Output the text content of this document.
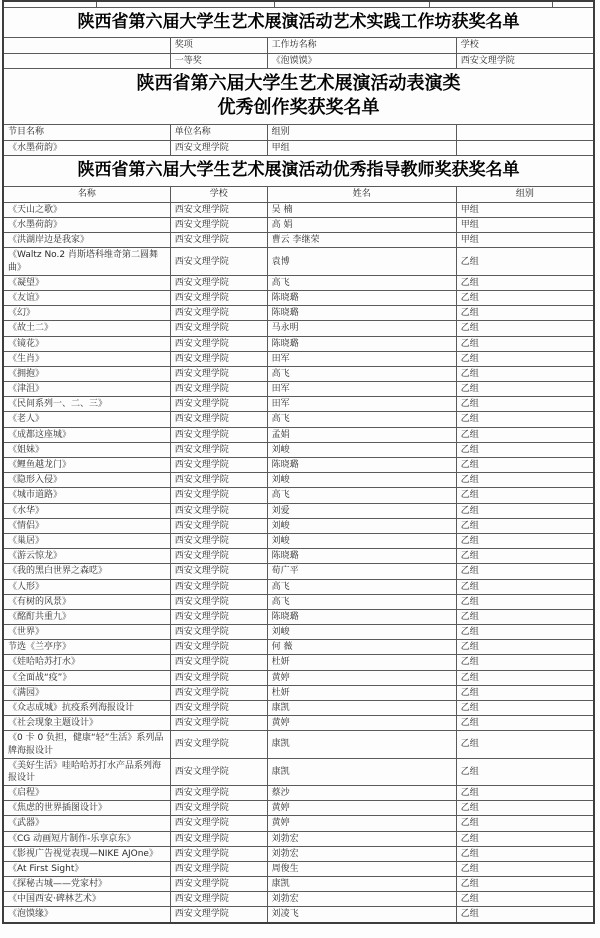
陕西省第六届大学生艺术展演活动艺术实践工作坊获奖名单			
	奖项	工作坊名称	学校
	一等奖	《泡馍馍》	西安文理学院

陕西省第六届大学生艺术展演活动表演类
优秀创作奖获奖名单			

节目名称	单位名称	组别	
《水墨荷韵》	西安文理学院	甲组	
陕西省第六届大学生艺术展演活动优秀指导教师奖获奖名单			
名称	学校	姓名	组别
《天山之歌》	西安文理学院	吴 楠	甲组
《水墨荷韵》	西安文理学院	高 娟	甲组
《洪湖岸边是我家》	西安文理学院	曹云 李继荣	甲组
《Waltz No.2 肖斯塔科维奇第二圆舞曲》	西安文理学院	袁博	乙组
《凝望》	西安文理学院	高飞	乙组
《友谊》	西安文理学院	陈晓璐	乙组
《幻》	西安文理学院	陈晓璐	乙组
《故土二》	西安文理学院	马永明	乙组
《镜花》	西安文理学院	陈晓璐	乙组
《生肖》	西安文理学院	田军	乙组
《拥抱》	西安文理学院	高飞	乙组
《津沮》	西安文理学院	田军	乙组
《民间系列一、二、三》	西安文理学院	田军	乙组
《老人》	西安文理学院	高飞	乙组
《成都这座城》	西安文理学院	孟娟	乙组
《姐妹》	西安文理学院	刘峻	乙组
《鲤鱼越龙门》	西安文理学院	陈晓璐	乙组
《隐形入侵》	西安文理学院	刘峻	乙组
《城市道路》	西安文理学院	高飞	乙组
《水华》	西安文理学院	刘爱	乙组
《情侣》	西安文理学院	刘峻	乙组
《巢居》	西安文理学院	刘峻	乙组
《游云惊龙》	西安文理学院	陈晓璐	乙组
《我的黑白世界之森呓》	西安文理学院	荀广平	乙组
《人形》	西安文理学院	高飞	乙组
《有树的风景》	西安文理学院	高飞	乙组
《酩酊共重九》	西安文理学院	陈晓璐	乙组
《世界》	西安文理学院	刘峻	乙组
节选《兰亭序》	西安文理学院	何 薇	乙组
《娃哈哈苏打水》	西安文理学院	杜妍	乙组
《全面战“疫”》	西安文理学院	黄婷	乙组
《满园》	西安文理学院	杜妍	乙组
《众志成城》抗疫系列海报设计	西安文理学院	康凯	乙组
《社会现象主题设计》	西安文理学院	黄婷	乙组
《0 卡 0 负担，健康“轻”生活》系列品牌海报设计	西安文理学院	康凯	乙组
《美好生活》哇哈哈苏打水产品系列海报设计	西安文理学院	康凯	乙组
《启程》	西安文理学院	蔡沙	乙组
《焦虑的世界插图设计》	西安文理学院	黄婷	乙组
《武器》	西安文理学院	黄婷	乙组
《CG 动画短片制作-乐享京东》	西安文理学院	刘勃宏	乙组
《影视广告视觉表现—NIKE AJOne》	西安文理学院	刘勃宏	乙组
《At First Sight》	西安文理学院	周俊生	乙组
《探秘古城——党家村》	西安文理学院	康凯	乙组
《中国西安·碑林艺术》	西安文理学院	刘勃宏	乙组
《泡馍缘》	西安文理学院	刘凌飞	乙组
